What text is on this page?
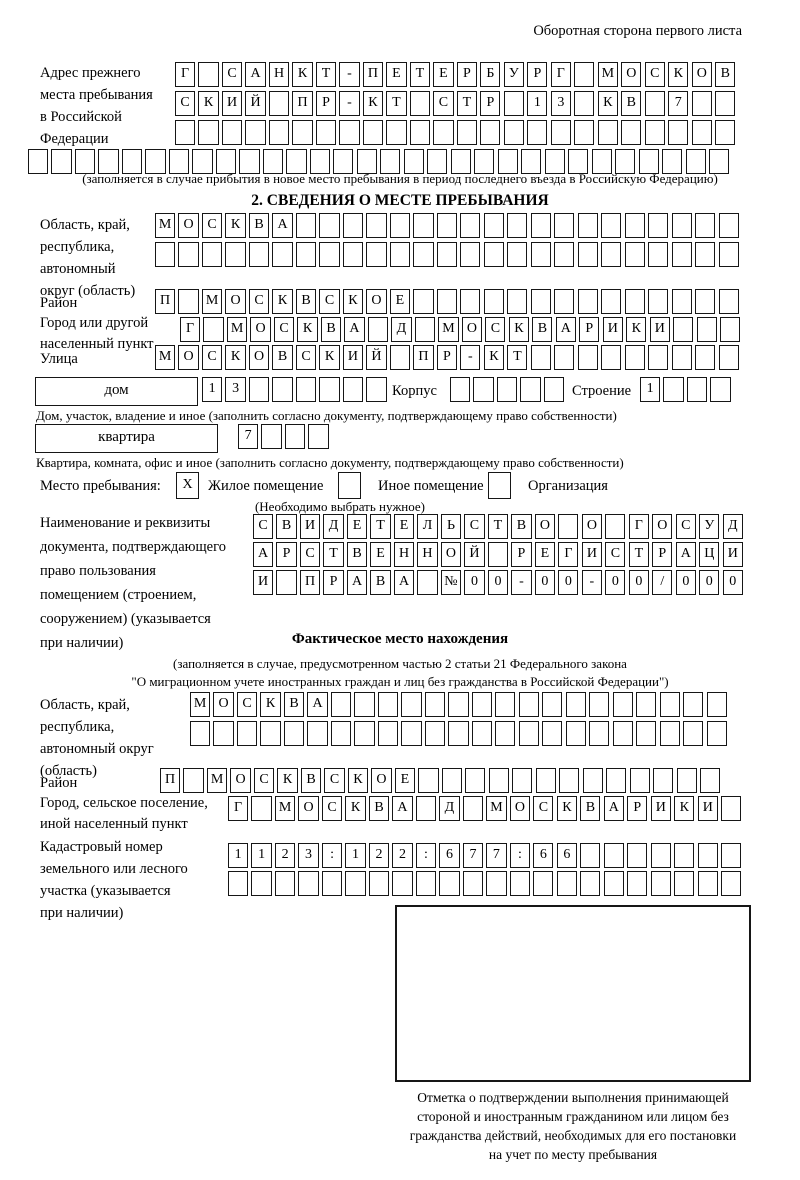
Оборотная сторона первого листа
Адрес прежнего
места пребывания
в Российской
Федерации
Г	С А Н К	Т	-	П	Е	Т	Е	Р	Б	У	Р	Г	М О С	К О В
С	К И Й	П	Р	-	К	Т	С	Т	Р	1	3	К	В	7
(заполняется в случае прибытия в новое место пребывания в период последнего въезда в Российскую Федерацию)
2. СВЕДЕНИЯ О МЕСТЕ ПРЕБЫВАНИЯ
Область, край,
республика,
автономный
округ (область)
М О С	К	В А
Район	П	М О С	К	В	С	К О	Е
Город или другой
населенный пункт
Г	М О С	К	В А	Д	М О С	К	В А	Р	И К И
Улица	М О С	К О В	С	К И Й	П	Р	-	К	Т
дом	1	3	Корпус	Строение	1
Дом, участок, владение и иное (заполнить согласно документу, подтверждающему право собственности)
квартира	7
Квартира, комната, офис и иное (заполнить согласно документу, подтверждающему право собственности)
Место пребывания:	X	Жилое помещение	Иное помещение	Организация
(Необходимо выбрать нужное)
Наименование и реквизиты
документа, подтверждающего
право пользования
помещением (строением,
сооружением) (указывается
при наличии)
С	В И Д	Е	Т	Е	Л	Ь	С	Т	В О	О	Г	О С У Д
А	Р	С	Т	В	Е	Н Н О Й	Р	Е	Г	И С	Т	Р	А Ц И
И	П	Р	А В А	№ 0	0	-	0	0	-	0	0	/	0	0	0
Фактическое место нахождения
(заполняется в случае, предусмотренном частью 2 статьи 21 Федерального закона
"О миграционном учете иностранных граждан и лиц без гражданства в Российской Федерации")
Область, край,
республика,
автономный округ
(область)
М О С	К	В А
Район	П	М О С	К	В	С	К О	Е
Город, сельское поселение,
иной населенный пункт
Г	М О С	К	В А	Д	М О С	К	В А	Р	И К И
Кадастровый номер
земельного или лесного
участка (указывается
при наличии)
1	1	2	3	:	1	2	2	:	6	7	7	:	6	6
Отметка о подтверждении выполнения принимающей
стороной и иностранным гражданином или лицом без
гражданства действий, необходимых для его постановки
на учет по месту пребывания
